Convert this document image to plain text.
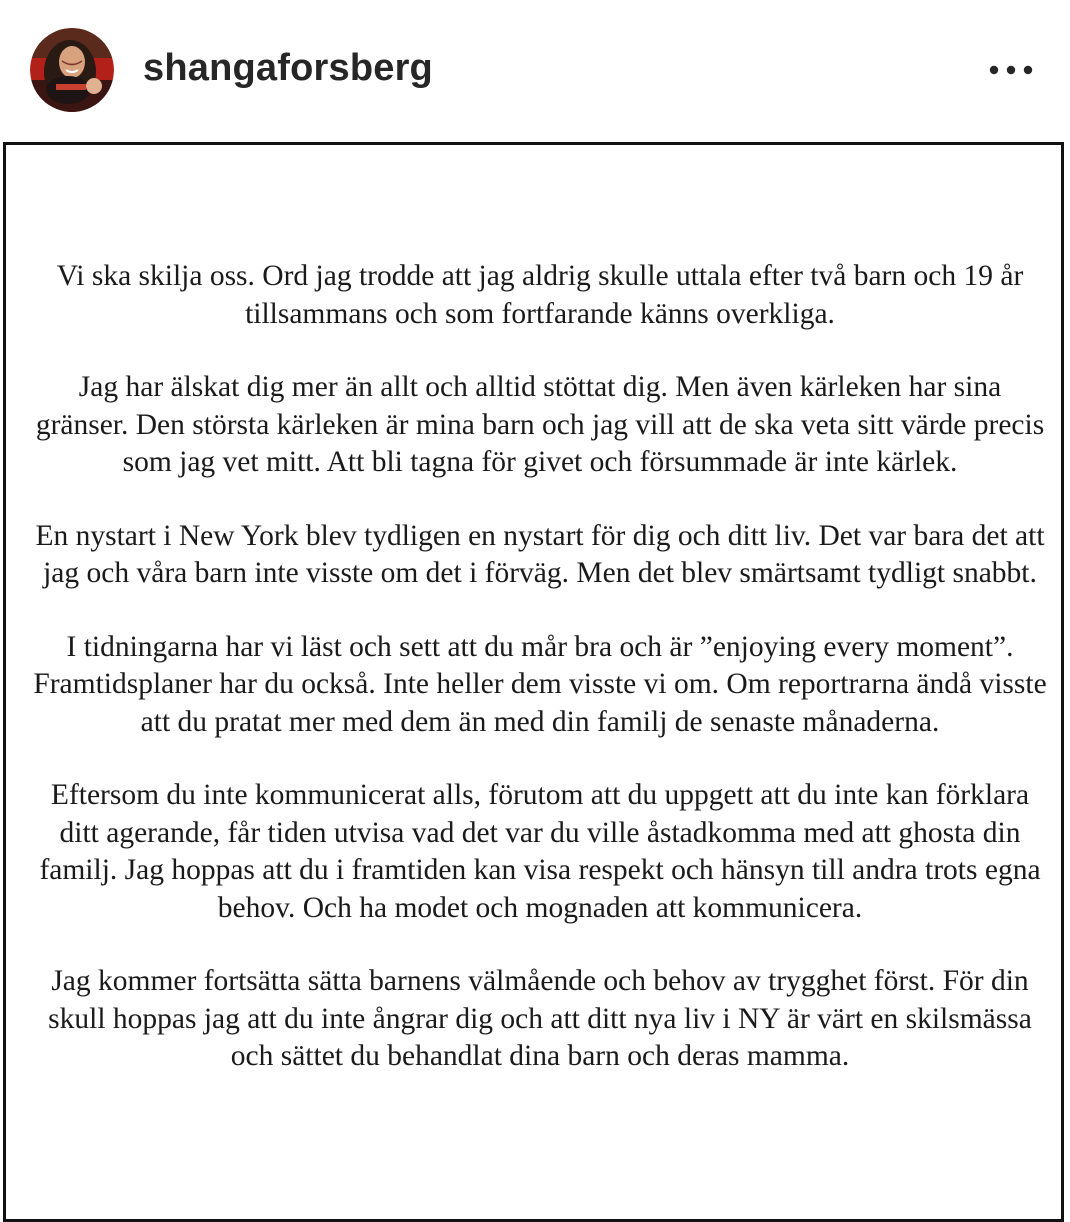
shangaforsberg

Vi ska skilja oss. Ord jag trodde att jag aldrig skulle uttala efter två barn och 19 år tillsammans och som fortfarande känns overkliga.

Jag har älskat dig mer än allt och alltid stöttat dig. Men även kärleken har sina gränser. Den största kärleken är mina barn och jag vill att de ska veta sitt värde precis som jag vet mitt. Att bli tagna för givet och försummade är inte kärlek.

En nystart i New York blev tydligen en nystart för dig och ditt liv. Det var bara det att jag och våra barn inte visste om det i förväg. Men det blev smärtsamt tydligt snabbt.

I tidningarna har vi läst och sett att du mår bra och är ”enjoying every moment”. Framtidsplaner har du också. Inte heller dem visste vi om. Om reportrarna ändå visste att du pratat mer med dem än med din familj de senaste månaderna.

Eftersom du inte kommunicerat alls, förutom att du uppgett att du inte kan förklara ditt agerande, får tiden utvisa vad det var du ville åstadkomma med att ghosta din familj. Jag hoppas att du i framtiden kan visa respekt och hänsyn till andra trots egna behov. Och ha modet och mognaden att kommunicera.

Jag kommer fortsätta sätta barnens välmående och behov av trygghet först. För din skull hoppas jag att du inte ångrar dig och att ditt nya liv i NY är värt en skilsmässa och sättet du behandlat dina barn och deras mamma.
